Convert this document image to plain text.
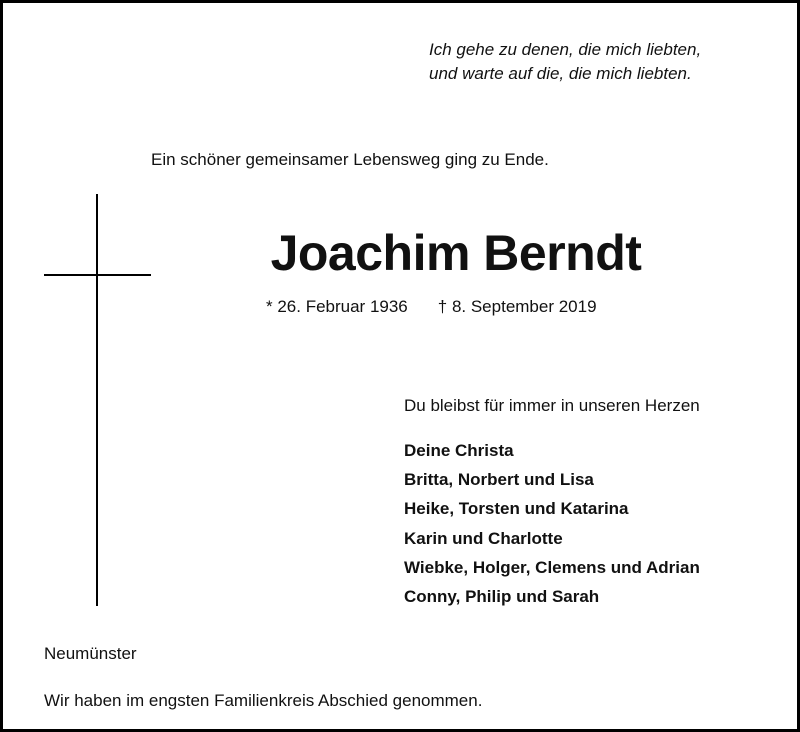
Ich gehe zu denen, die mich liebten,
und warte auf die, die mich liebten.
Ein schöner gemeinsamer Lebensweg ging zu Ende.
Joachim Berndt
* 26. Februar 1936 † 8. September 2019
Du bleibst für immer in unseren Herzen
Deine Christa
Britta, Norbert und Lisa
Heike, Torsten und Katarina
Karin und Charlotte
Wiebke, Holger, Clemens und Adrian
Conny, Philip und Sarah
Neumünster
Wir haben im engsten Familienkreis Abschied genommen.
